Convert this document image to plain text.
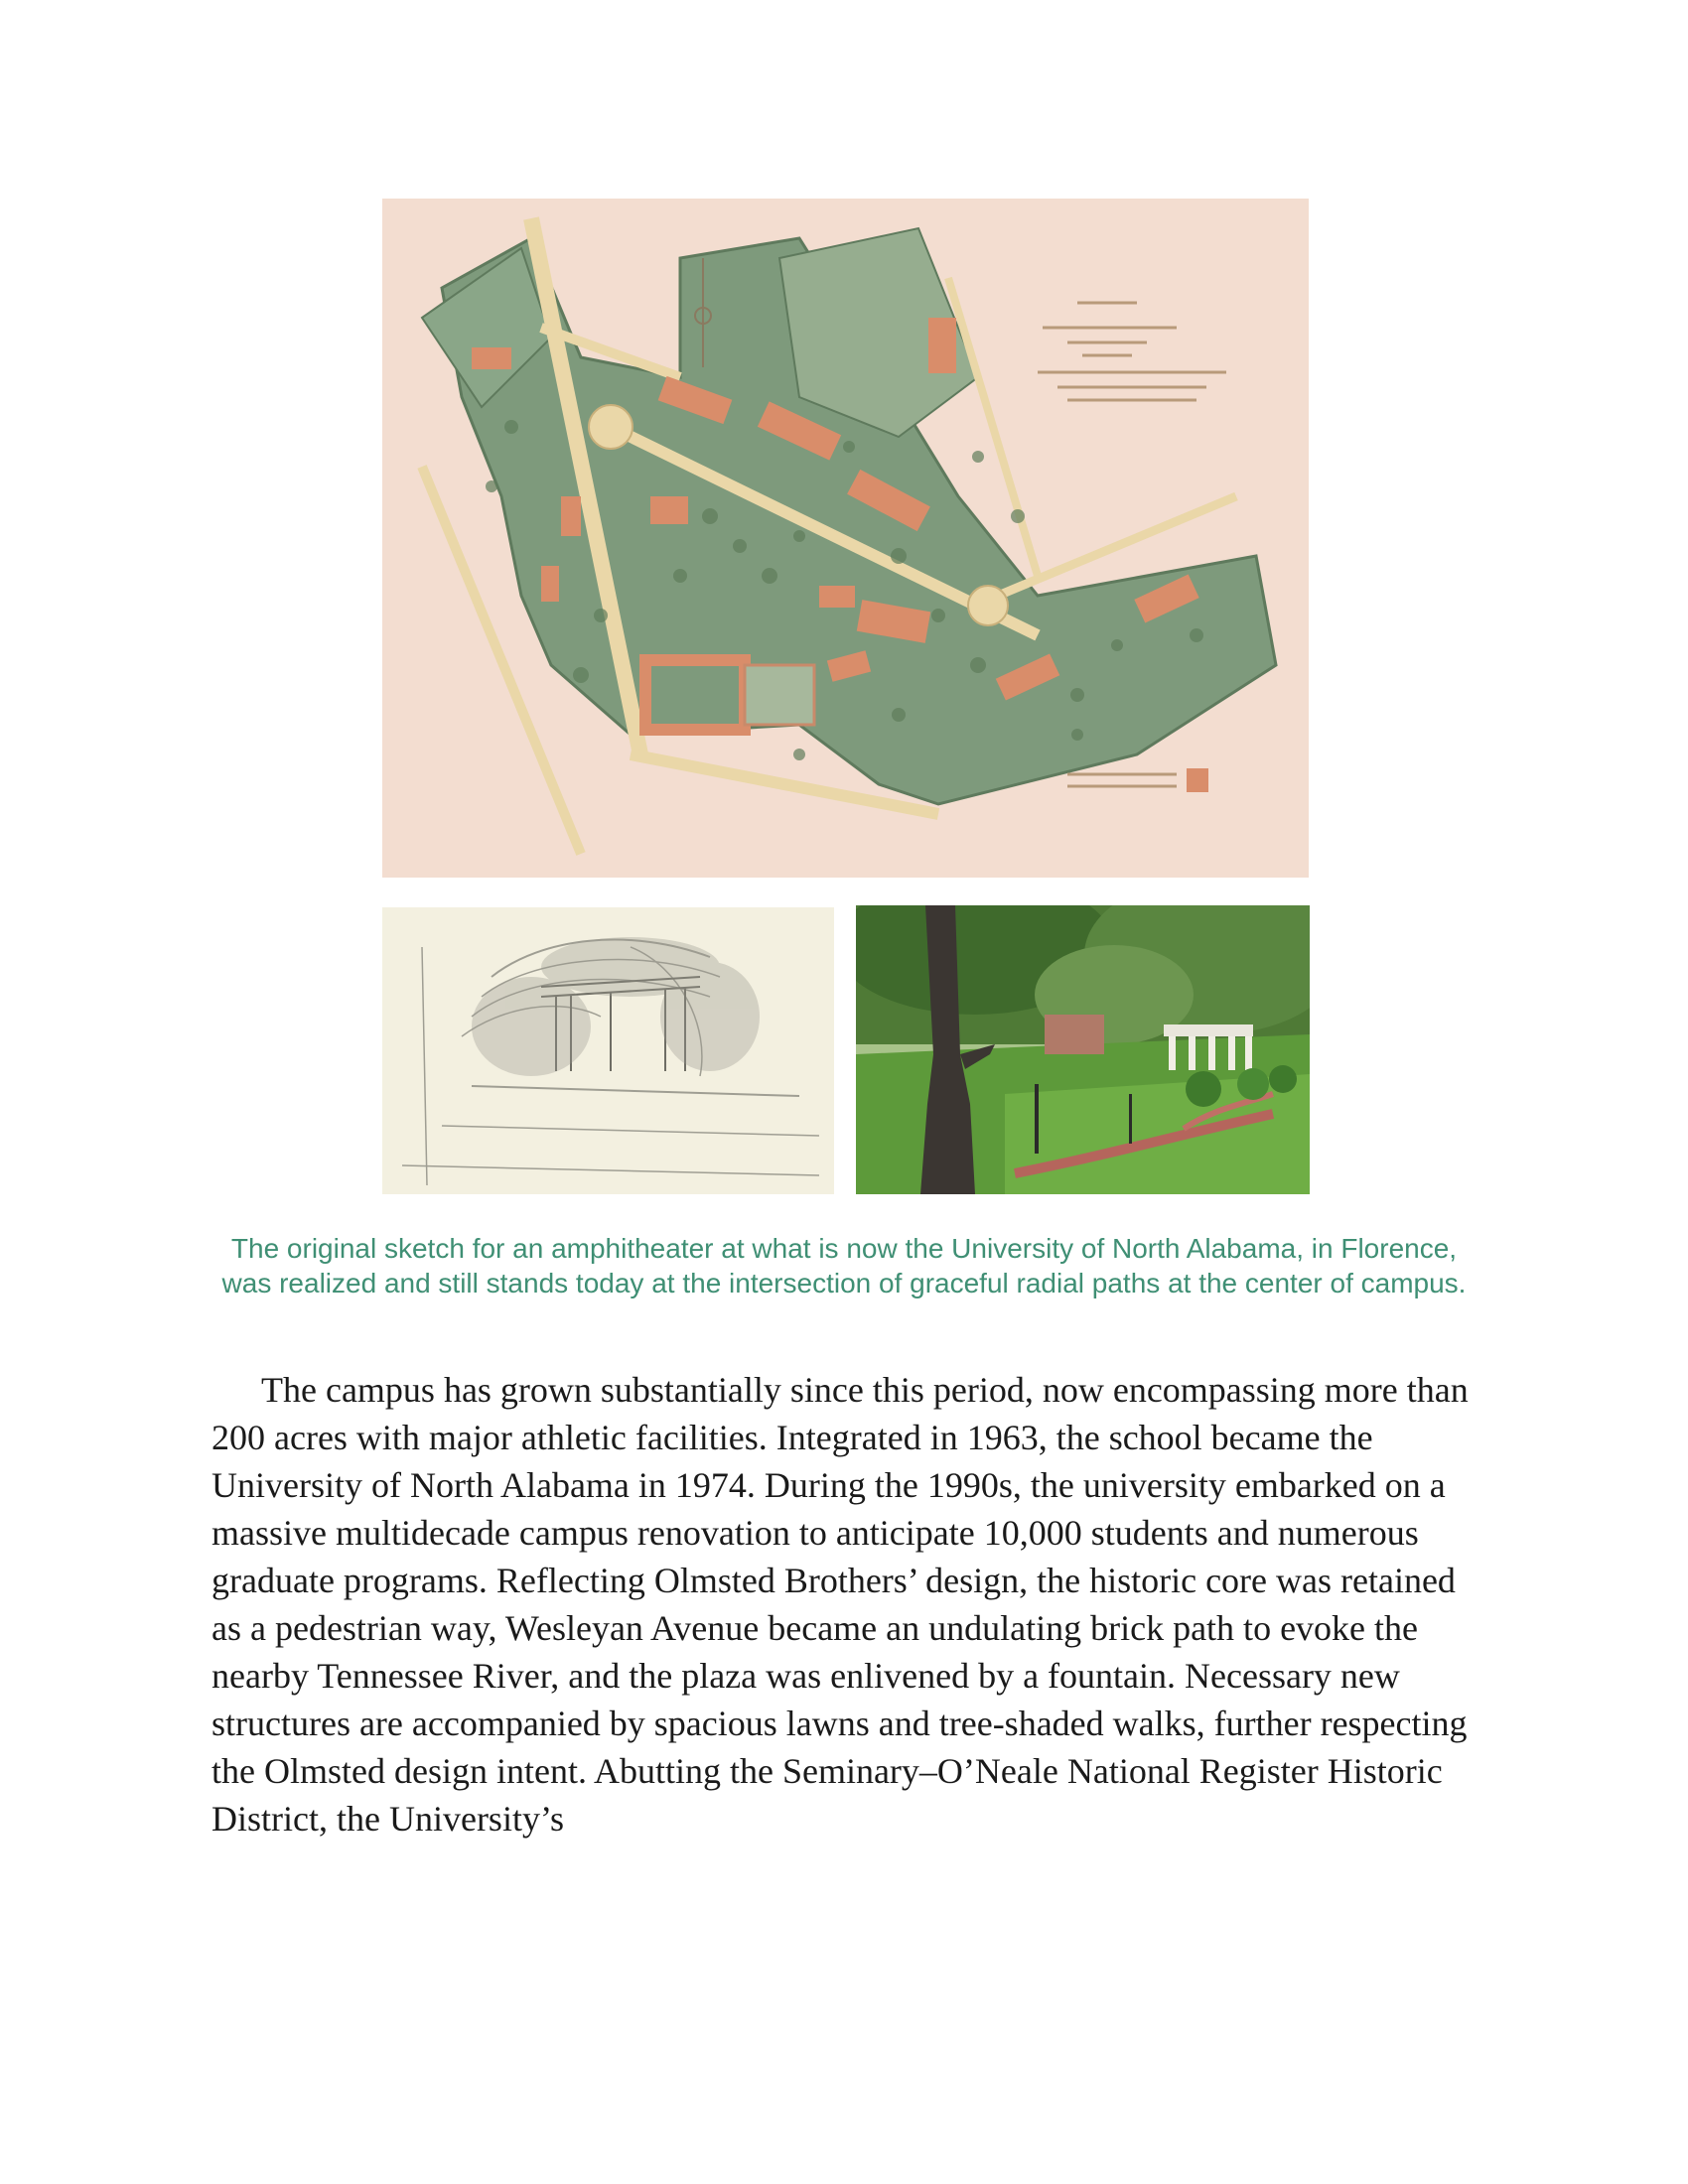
The original sketch for an amphitheater at what is now the University of North Alabama, in Florence, was realized and still stands today at the intersection of graceful radial paths at the center of campus.

The campus has grown substantially since this period, now encompassing more than 200 acres with major athletic facilities. Integrated in 1963, the school became the University of North Alabama in 1974. During the 1990s, the university embarked on a massive multidecade campus renovation to anticipate 10,000 students and numerous graduate programs. Reflecting Olmsted Brothers’ design, the historic core was retained as a pedestrian way, Wesleyan Avenue became an undulating brick path to evoke the nearby Tennessee River, and the plaza was enlivened by a fountain. Necessary new structures are accompanied by spacious lawns and tree-shaded walks, further respecting the Olmsted design intent. Abutting the Seminary–O’Neale National Register Historic District, the University’s
